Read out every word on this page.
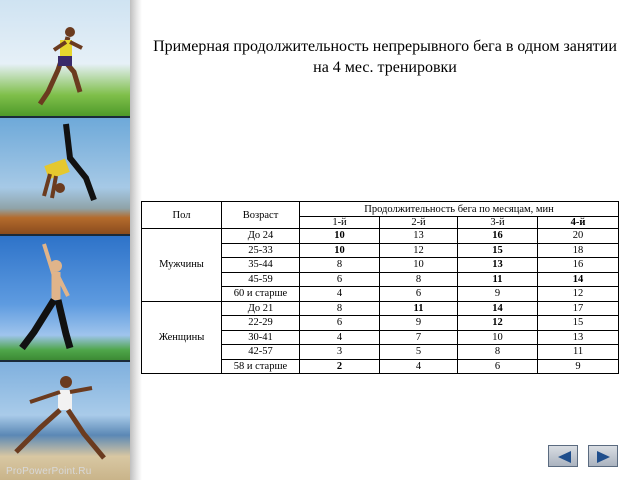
ProPowerPoint.Ru
Примерная продолжительность непрерывного бега в одном занятии на 4 мес. тренировки
Пол	Возраст	Продолжительность бега по месяцам, мин			
		1-й	2-й	3-й	4-й
Мужчины	До 24	10	13	16	20
	25-33	10	12	15	18
	35-44	8	10	13	16
	45-59	6	8	11	14
	60 и старше	4	6	9	12
Женщины	До 21	8	11	14	17
	22-29	6	9	12	15
	30-41	4	7	10	13
	42-57	3	5	8	11
	58 и старше	2	4	6	9
